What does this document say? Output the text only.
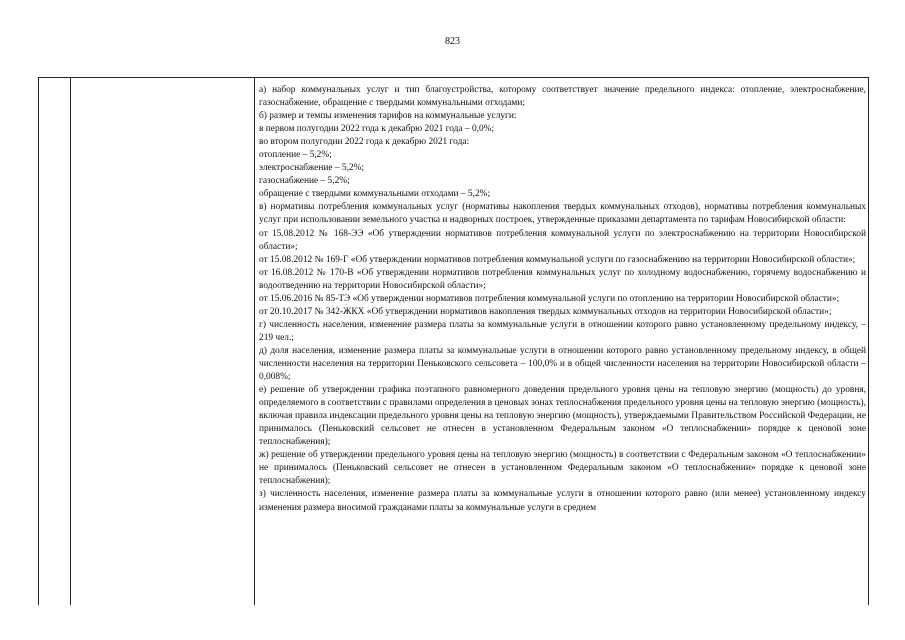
823

а) набор коммунальных услуг и тип благоустройства, которому соответствует значение предельного индекса: отопление, электроснабжение, газоснабжение, обращение с твердыми коммунальными отходами;

б) размер и темпы изменения тарифов на коммунальные услуги:

в первом полугодии 2022 года к декабрю 2021 года – 0,0%;

во втором полугодии 2022 года к декабрю 2021 года:

отопление – 5,2%;

электроснабжение – 5,2%;

газоснабжение – 5,2%;

обращение с твердыми коммунальными отходами – 5,2%;

в) нормативы потребления коммунальных услуг (нормативы накопления твердых коммунальных отходов), нормативы потребления коммунальных услуг при использовании земельного участка и надворных построек, утвержденные приказами департамента по тарифам Новосибирской области:

от 15.08.2012 № 168-ЭЭ «Об утверждении нормативов потребления коммунальной услуги по электроснабжению на территории Новосибирской области»;

от 15.08.2012 № 169-Г «Об утверждении нормативов потребления коммунальной услуги по газоснабжению на территории Новосибирской области»;

от 16.08.2012 № 170-В «Об утверждении нормативов потребления коммунальных услуг по холодному водоснабжению, горячему водоснабжению и водоотведению на территории Новосибирской области»;

от 15.06.2016 № 85-ТЭ «Об утверждении нормативов потребления коммунальной услуги по отоплению на территории Новосибирской области»;

от 20.10.2017 № 342-ЖКХ «Об утверждении нормативов накопления твердых коммунальных отходов на территории Новосибирской области»;

г) численность населения, изменение размера платы за коммунальные услуги в отношении которого равно установленному предельному индексу, – 219 чел.;

д) доля населения, изменение размера платы за коммунальные услуги в отношении которого равно установленному предельному индексу, в общей численности населения на территории Пеньковского сельсовета – 100,0% и в общей численности населения на территории Новосибирской области – 0,008%;

е) решение об утверждении графика поэтапного равномерного доведения предельного уровня цены на тепловую энергию (мощность) до уровня, определяемого в соответствии с правилами определения в ценовых зонах теплоснабжения предельного уровня цены на тепловую энергию (мощность), включая правила индексации предельного уровня цены на тепловую энергию (мощность), утверждаемыми Правительством Российской Федерации, не принималось (Пеньковский сельсовет не отнесен в установленном Федеральным законом «О теплоснабжении» порядке к ценовой зоне теплоснабжения);

ж) решение об утверждении предельного уровня цены на тепловую энергию (мощность) в соответствии с Федеральным законом «О теплоснабжении» не принималось (Пеньковский сельсовет не отнесен в установленном Федеральным законом «О теплоснабжении» порядке к ценовой зоне теплоснабжения);

з) численность населения, изменение размера платы за коммунальные услуги в отношении которого равно (или менее) установленному индексу изменения размера вносимой гражданами платы за коммунальные услуги в среднем
